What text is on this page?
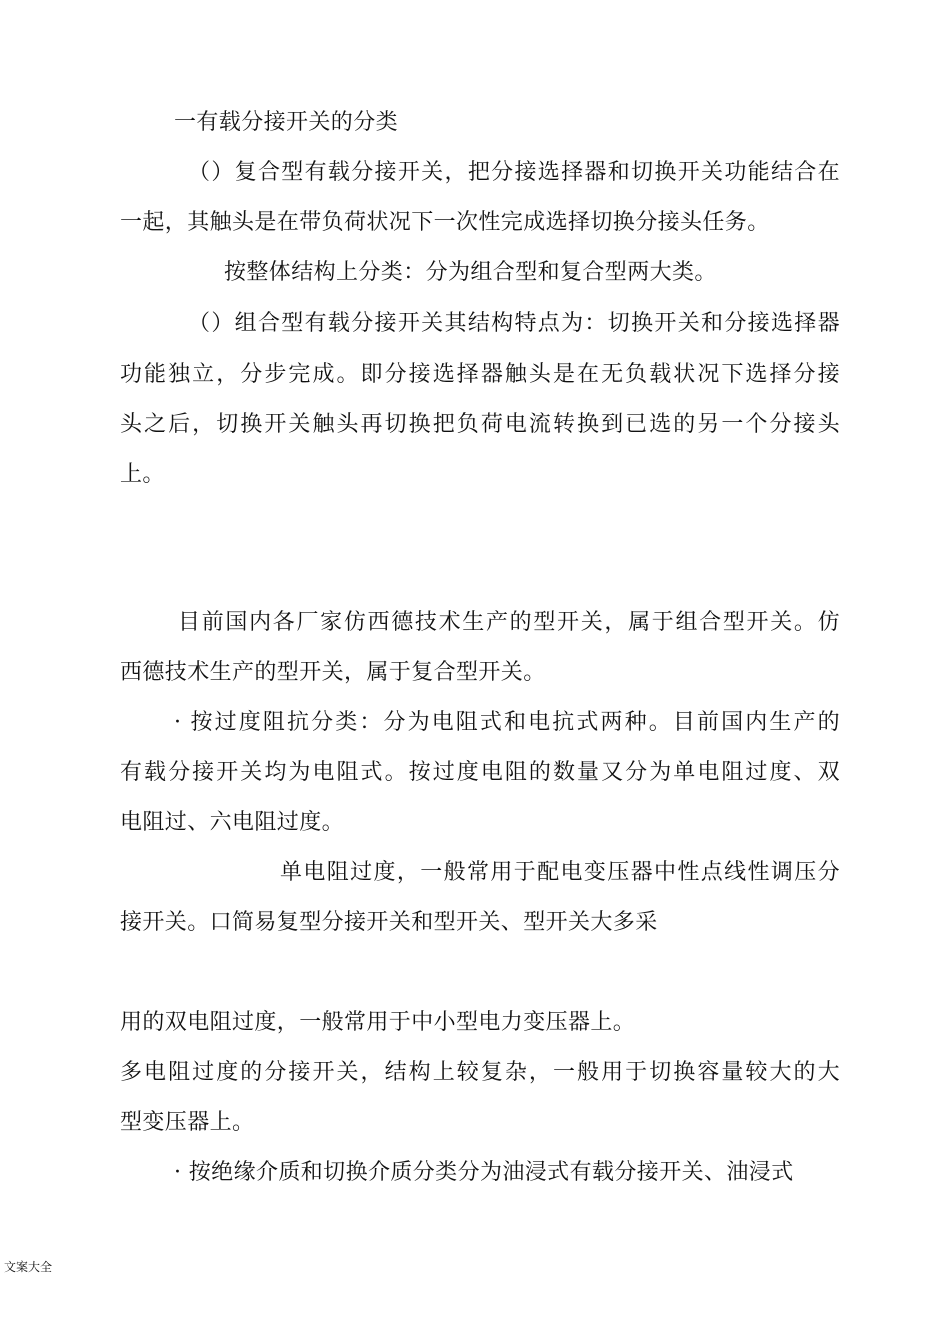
一有载分接开关的分类
（）复合型有载分接开关，把分接选择器和切换开关功能结合在
一起，其触头是在带负荷状况下一次性完成选择切换分接头任务。
按整体结构上分类：分为组合型和复合型两大类。
（）组合型有载分接开关其结构特点为：切换开关和分接选择器
功能独立，分步完成。即分接选择器触头是在无负载状况下选择分接
头之后，切换开关触头再切换把负荷电流转换到已选的另一个分接头
上。
目前国内各厂家仿西德技术生产的型开关，属于组合型开关。仿
西德技术生产的型开关，属于复合型开关。
· 按过度阻抗分类：分为电阻式和电抗式两种。目前国内生产的
有载分接开关均为电阻式。按过度电阻的数量又分为单电阻过度、双
电阻过、六电阻过度。
单电阻过度，一般常用于配电变压器中性点线性调压分
接开关。口简易复型分接开关和型开关、型开关大多采
用的双电阻过度，一般常用于中小型电力变压器上。
多电阻过度的分接开关，结构上较复杂，一般用于切换容量较大的大
型变压器上。
· 按绝缘介质和切换介质分类分为油浸式有载分接开关、油浸式
文案大全
